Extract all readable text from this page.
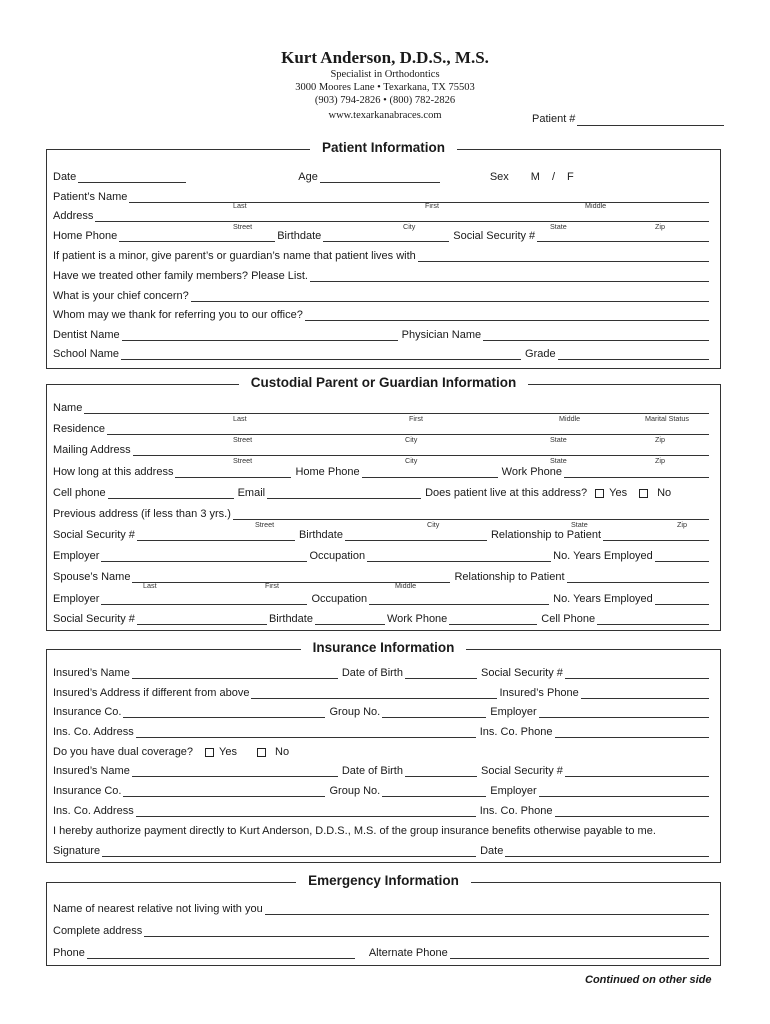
Kurt Anderson, D.D.S., M.S.
Specialist in Orthodontics
3000 Moores Lane • Texarkana, TX 75503
(903) 794-2826 • (800) 782-2826
www.texarkanabraces.com	Patient #
Patient Information
Date	Age	Sex M / F
Patient’s Name
Last	First	Middle
Address
Street	City	State	Zip
Home Phone	Birthdate	Social Security #
If patient is a minor, give parent’s or guardian’s name that patient lives with
Have we treated other family members? Please List.
What is your chief concern?
Whom may we thank for referring you to our office?
Dentist Name	Physician Name
School Name	Grade
Custodial Parent or Guardian Information
Name
Last	First	Middle	Marital Status
Residence
Street	City	State	Zip
Mailing Address
Street	City	State	Zip
How long at this address	Home Phone	Work Phone
Cell phone	Email	Does patient live at this address? Yes	No
Previous address (if less than 3 yrs.)
Street	City	State	Zip
Social Security #	Birthdate	Relationship to Patient
Employer	Occupation	No. Years Employed
Spouse’s Name	Relationship to Patient
Last	First	Middle
Employer	Occupation	No. Years Employed
Social Security #	Birthdate	Work Phone	Cell Phone
Insurance Information
Insured’s Name	Date of Birth	Social Security #
Insured’s Address if different from above	Insured’s Phone
Insurance Co.	Group No.	Employer
Ins. Co. Address	Ins. Co. Phone
Do you have dual coverage? Yes	No
Insured’s Name	Date of Birth	Social Security #
Insurance Co.	Group No.	Employer
Ins. Co. Address	Ins. Co. Phone
I hereby authorize payment directly to Kurt Anderson, D.D.S., M.S. of the group insurance benefits otherwise payable to me.
Signature	Date
Emergency Information
Name of nearest relative not living with you
Complete address
Phone	Alternate Phone
Continued on other side
